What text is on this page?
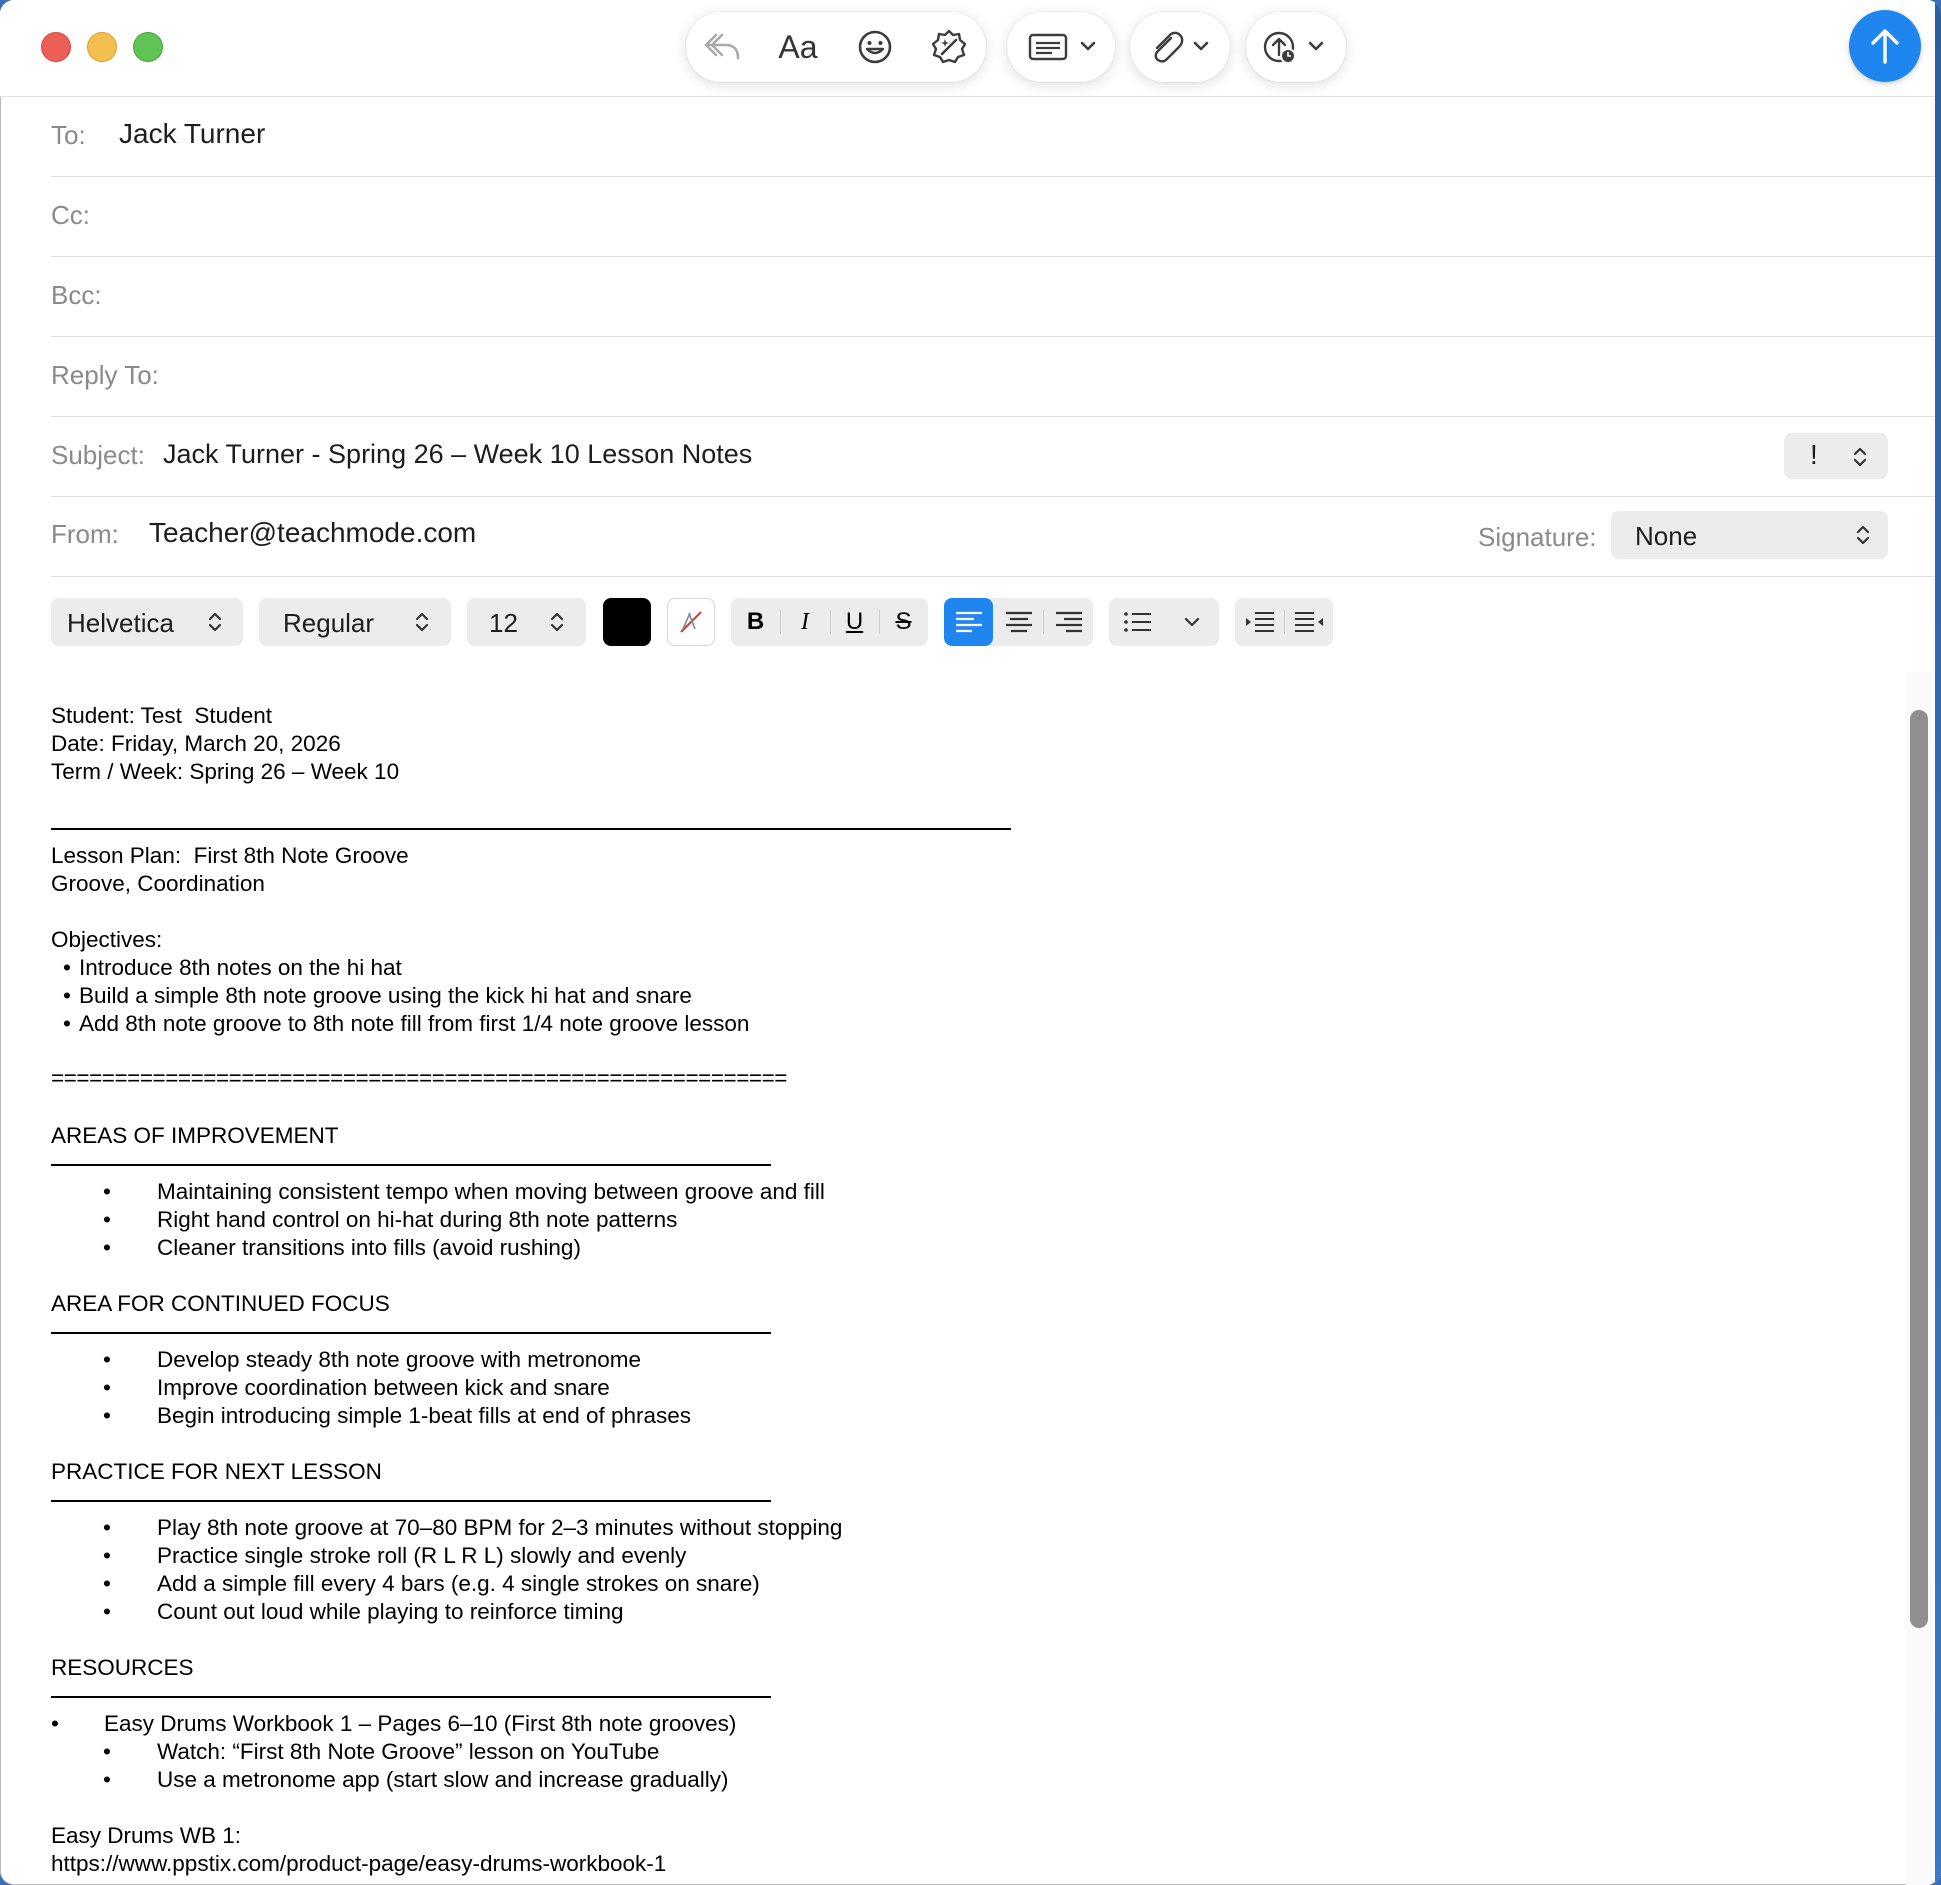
Aa
To: Jack Turner
Cc:
Bcc:
Reply To:
Subject: Jack Turner - Spring 26 – Week 10 Lesson Notes	!
From: Teacher@teachmode.com	Signature: None
Helvetica	Regular	12	B	I	U	S
Student: Test  Student
Date: Friday, March 20, 2026
Term / Week: Spring 26 – Week 10
Lesson Plan:  First 8th Note Groove
Groove, Coordination
Objectives:
• Introduce 8th notes on the hi hat
• Build a simple 8th note groove using the kick hi hat and snare
• Add 8th note groove to 8th note fill from first 1/4 note groove lesson
==========================================================
AREAS OF IMPROVEMENT
• Maintaining consistent tempo when moving between groove and fill
• Right hand control on hi-hat during 8th note patterns
• Cleaner transitions into fills (avoid rushing)
AREA FOR CONTINUED FOCUS
• Develop steady 8th note groove with metronome
• Improve coordination between kick and snare
• Begin introducing simple 1-beat fills at end of phrases
PRACTICE FOR NEXT LESSON
• Play 8th note groove at 70–80 BPM for 2–3 minutes without stopping
• Practice single stroke roll (R L R L) slowly and evenly
• Add a simple fill every 4 bars (e.g. 4 single strokes on snare)
• Count out loud while playing to reinforce timing
RESOURCES
• Easy Drums Workbook 1 – Pages 6–10 (First 8th note grooves)
• Watch: “First 8th Note Groove” lesson on YouTube
• Use a metronome app (start slow and increase gradually)
Easy Drums WB 1:
https://www.ppstix.com/product-page/easy-drums-workbook-1
